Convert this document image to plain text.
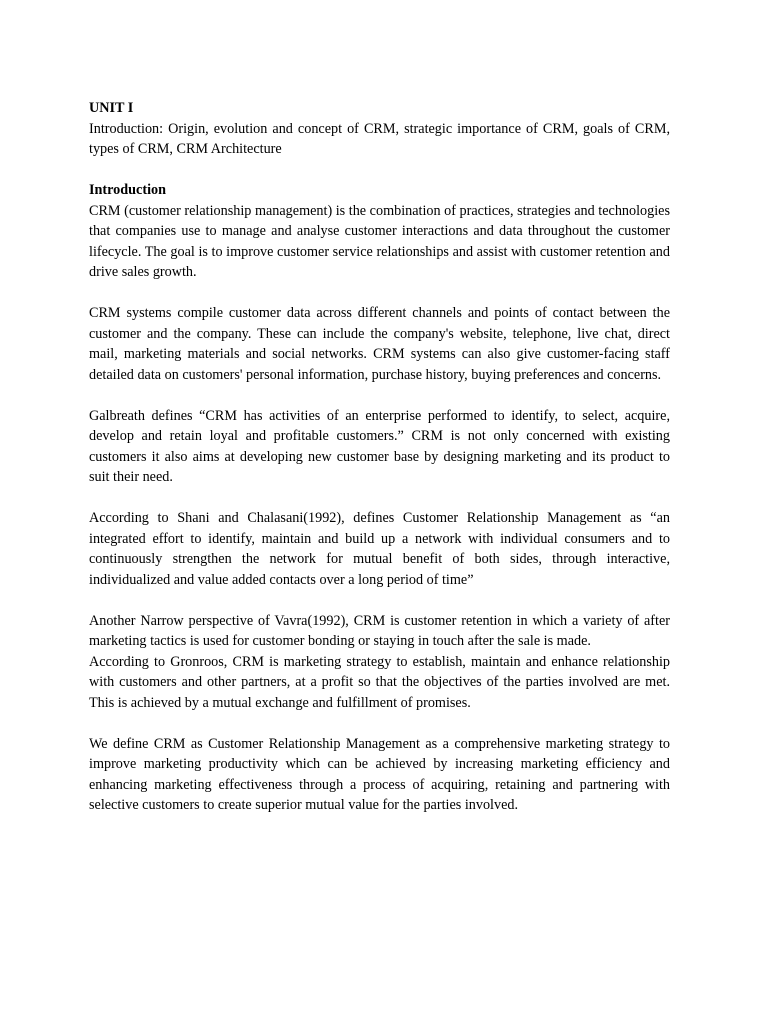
UNIT I

Introduction: Origin, evolution and concept of CRM, strategic importance of CRM, goals of CRM, types of CRM, CRM Architecture

Introduction

CRM (customer relationship management) is the combination of practices, strategies and technologies that companies use to manage and analyse customer interactions and data throughout the customer lifecycle. The goal is to improve customer service relationships and assist with customer retention and drive sales growth.

CRM systems compile customer data across different channels and points of contact between the customer and the company. These can include the company's website, telephone, live chat, direct mail, marketing materials and social networks. CRM systems can also give customer-facing staff detailed data on customers' personal information, purchase history, buying preferences and concerns.

Galbreath defines “CRM has activities of an enterprise performed to identify, to select, acquire, develop and retain loyal and profitable customers.” CRM is not only concerned with existing customers it also aims at developing new customer base by designing marketing and its product to suit their need.

According to Shani and Chalasani(1992), defines Customer Relationship Management as “an integrated effort to identify, maintain and build up a network with individual consumers and to continuously strengthen the network for mutual benefit of both sides, through interactive, individualized and value added contacts over a long period of time”

Another Narrow perspective of Vavra(1992), CRM is customer retention in which a variety of after marketing tactics is used for customer bonding or staying in touch after the sale is made.

According to Gronroos, CRM is marketing strategy to establish, maintain and enhance relationship with customers and other partners, at a profit so that the objectives of the parties involved are met. This is achieved by a mutual exchange and fulfillment of promises.

We define CRM as Customer Relationship Management as a comprehensive marketing strategy to improve marketing productivity which can be achieved by increasing marketing efficiency and enhancing marketing effectiveness through a process of acquiring, retaining and partnering with selective customers to create superior mutual value for the parties involved.
